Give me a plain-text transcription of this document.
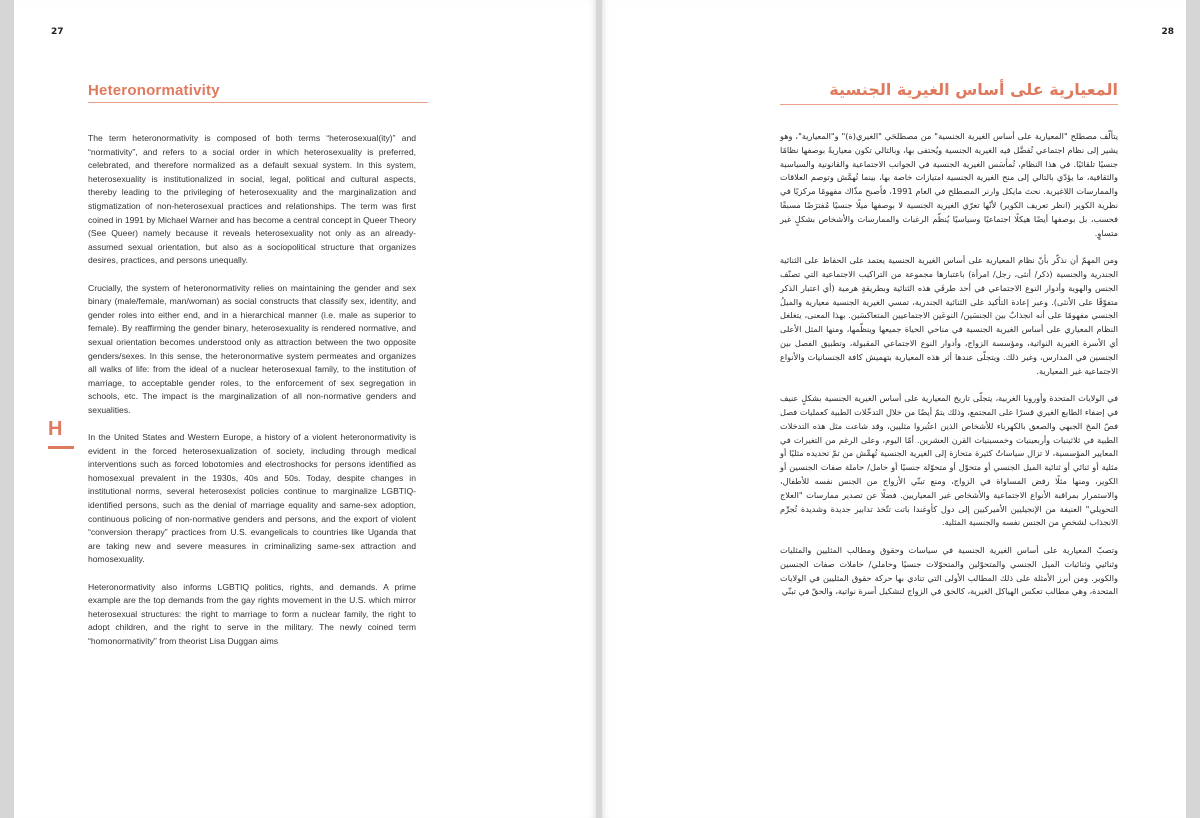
27
Heteronormativity
H

The term heteronormativity is composed of both terms “heterosexual(ity)” and “normativity”, and refers to a social order in which heterosexuality is preferred, celebrated, and therefore normalized as a default sexual system. In this system, heterosexuality is institutionalized in social, legal, political and cultural aspects, thereby leading to the privileging of heterosexuality and the marginalization and stigmatization of non-heterosexual practices and relationships. The term was first coined in 1991 by Michael Warner and has become a central concept in Queer Theory (See Queer) namely because it reveals heterosexuality not only as an already-assumed sexual orientation, but also as a sociopolitical structure that organizes desires, practices, and persons unequally.

Crucially, the system of heteronormativity relies on maintaining the gender and sex binary (male/female, man/woman) as social constructs that classify sex, identity, and gender roles into either end, and in a hierarchical manner (i.e. male as superior to female). By reaffirming the gender binary, heterosexuality is rendered normative, and sexual orientation becomes understood only as attraction between the two opposite genders/sexes. In this sense, the heteronormative system permeates and organizes all walks of life: from the ideal of a nuclear heterosexual family, to the institution of marriage, to acceptable gender roles, to the enforcement of sex segregation in schools, etc. The impact is the marginalization of all non-normative genders and sexualities.

In the United States and Western Europe, a history of a violent heteronormativity is evident in the forced heterosexualization of society, including through medical interventions such as forced lobotomies and electroshocks for persons identified as homosexual prevalent in the 1930s, 40s and 50s. Today, despite changes in institutional norms, several heterosexist policies continue to marginalize LGBTIQ-identified persons, such as the denial of marriage equality and same-sex adoption, continuous policing of non-normative genders and persons, and the export of violent “conversion therapy” practices from U.S. evangelicals to countries like Uganda that are taking new and severe measures in criminalizing same-sex attraction and homosexuality.

Heteronormativity also informs LGBTIQ politics, rights, and demands. A prime example are the top demands from the gay rights movement in the U.S. which mirror heterosexual structures: the right to marriage to form a nuclear family, the right to adopt children, and the right to serve in the military. The newly coined term “homonormativity” from theorist Lisa Duggan aims

28
المعيارية على أساس الغيرية الجنسية

يتألّف مصطلح "المعيارية على أساس الغيرية الجنسية" من مصطلحَي "الغيري(ة)" و"المعيارية"، وهو يشير إلى نظام اجتماعي تُفضَّل فيه الغيرية الجنسية ويُحتفى بها، وبالتالي تكون معياريةً بوصفها نظامًا جنسيًا تلقائيًا. في هذا النظام، تُمأسَس الغيرية الجنسية في الجوانب الاجتماعية والقانونية والسياسية والثقافية، ما يؤدّي بالتالي إلى منح الغيرية الجنسية امتيازات خاصة بها، بينما تُهمَّش وتوصم العلاقات والممارسات اللاغيرية. نحتَ مايكل وارنر المصطلح في العام 1991، فأصبح مذّاك مفهومًا مركزيًا في نظرية الكوير (انظر تعريف الكوير) لأنّها تعرّي الغيرية الجنسية لا بوصفها ميلًا جنسيًا مُفترَضًا مسبقًا فحسب، بل بوصفها أيضًا هيكلًا اجتماعيًا وسياسيًا يُنظّم الرغبات والممارسات والأشخاص بشكلٍ غير متساوٍ.

ومن المهمّ أن نذكّر بأنّ نظام المعيارية على أساس الغيرية الجنسية يعتمد على الحفاظ على الثنائية الجندرية والجنسية (ذكر/ أنثى، رجل/ امرأة) باعتبارها مجموعة من التراكيب الاجتماعية التي تصنّف الجنس والهوية وأدوار النوع الاجتماعي في أحد طرفَي هذه الثنائية وبطريقةٍ هرمية (أي اعتبار الذكر متفوّقًا على الأنثى). وعبر إعادة التأكيد على الثنائية الجندرية، تمسي الغيرية الجنسية معيارية والميلُ الجنسي مفهومًا على أنه انجذابٌ بين الجنسَين/ النوعَين الاجتماعيين المتعاكسَين. بهذا المعنى، يتغلغل النظام المعياري على أساس الغيرية الجنسية في مناحي الحياة جميعها وينظّمها، ومنها المثل الأعلى أي الأسرة الغيرية النواتية، ومؤسسة الزواج، وأدوار النوع الاجتماعي المقبولة، وتطبيق الفصل بين الجنسين في المدارس، وغير ذلك. ويتجلّى عندها أثر هذه المعيارية بتهميش كافة الجنسانيات والأنواع الاجتماعية غير المعيارية.

في الولايات المتحدة وأوروبا الغربية، يتجلّى تاريخ المعيارية على أساس الغيرية الجنسية بشكلٍ عنيف في إضفاء الطابع الغيري قسرًا على المجتمع، وذلك يتمّ أيضًا من خلال التدخّلات الطبية كعمليات فصل فصّ المخ الجبهي والصعق بالكهرباء للأشخاص الذين اعتُبروا مثليين، وقد شاعت مثل هذه التدخلات الطبية في ثلاثينيات وأربعينيات وخمسينيات القرن العشرين. أمّا اليوم، وعلى الرغم من التغيرات في المعايير المؤسسية، لا تزال سياساتٌ كثيرة متحازة إلى الغيرية الجنسية تُهمِّش من تمّ تحديده مثليًا أو مثلية أو ثنائي أو ثنائية الميل الجنسي أو متحوّل أو متحوّلة جنسيًا أو حامل/ حاملة صفات الجنسين أو الكوير، ومنها مثلًا رفض المساواة في الزواج، ومنع تبنّي الأزواج من الجنس نفسه للأطفال، والاستمرار بمراقبة الأنواع الاجتماعية والأشخاص غير المعياريين. فضلًا عن تصدير ممارسات "العلاج التحويلي" العنيفة من الإنجيليين الأميركيين إلى دول كأوغندا باتت تتّخذ تدابير جديدة وشديدة تُجرِّم الانجذاب لشخصٍ من الجنس نفسه والجنسية المثلية.

وتصبّ المعيارية على أساس الغيرية الجنسية في سياسات وحقوق ومطالب المثليين والمثليات وثنائيي وثنائيات الميل الجنسي والمتحوّلين والمتحوّلات جنسيًا وحاملي/ حاملات صفات الجنسين والكوير. ومن أبرز الأمثلة على ذلك المطالب الأولى التي تنادي بها حركة حقوق المثليين في الولايات المتحدة، وهي مطالب تعكس الهياكل الغيرية، كالحق في الزواج لتشكيل أسرة نواتية، والحقّ في تبنّي
